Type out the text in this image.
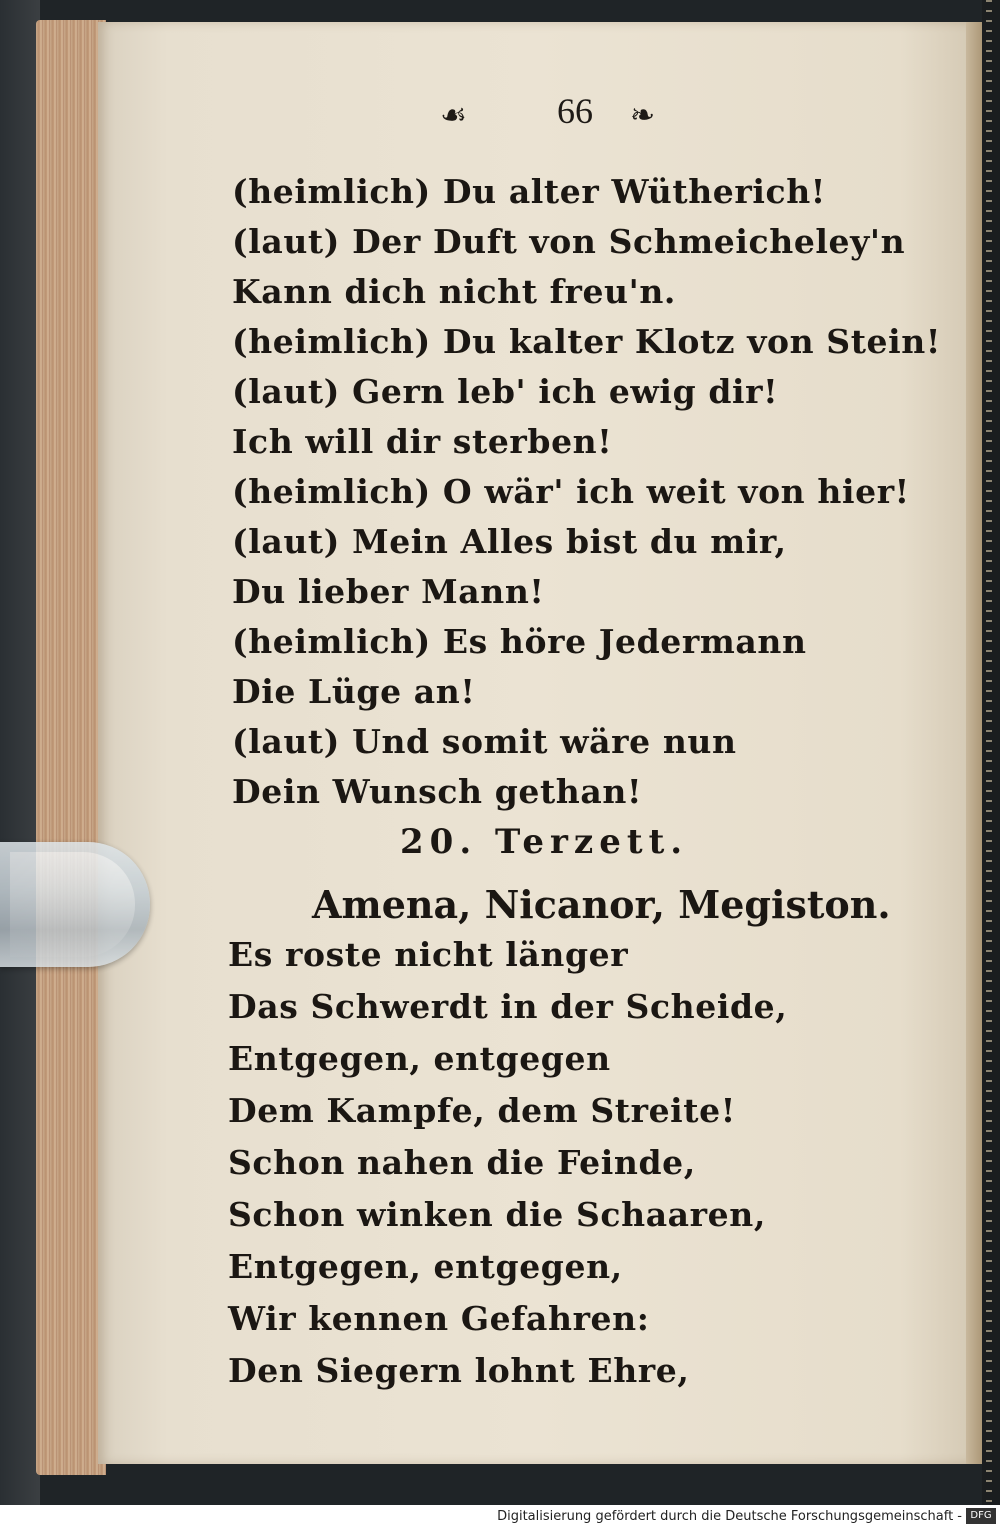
☙	66	❧
(heimlich) Du alter Wütherich!
(laut) Der Duft von Schmeicheley'n
Kann dich nicht freu'n.
(heimlich) Du kalter Klotz von Stein!
(laut) Gern leb' ich ewig dir!
Ich will dir sterben!
(heimlich) O wär' ich weit von hier!
(laut) Mein Alles bist du mir,
Du lieber Mann!
(heimlich) Es höre Jedermann
Die Lüge an!
(laut) Und somit wäre nun
Dein Wunsch gethan!
20. Terzett.
Amena, Nicanor, Megiston.
Es roste nicht länger
Das Schwerdt in der Scheide,
Entgegen, entgegen
Dem Kampfe, dem Streite!
Schon nahen die Feinde,
Schon winken die Schaaren,
Entgegen, entgegen,
Wir kennen Gefahren:
Den Siegern lohnt Ehre,
Digitalisierung gefördert durch die Deutsche Forschungsgemeinschaft - DFG
